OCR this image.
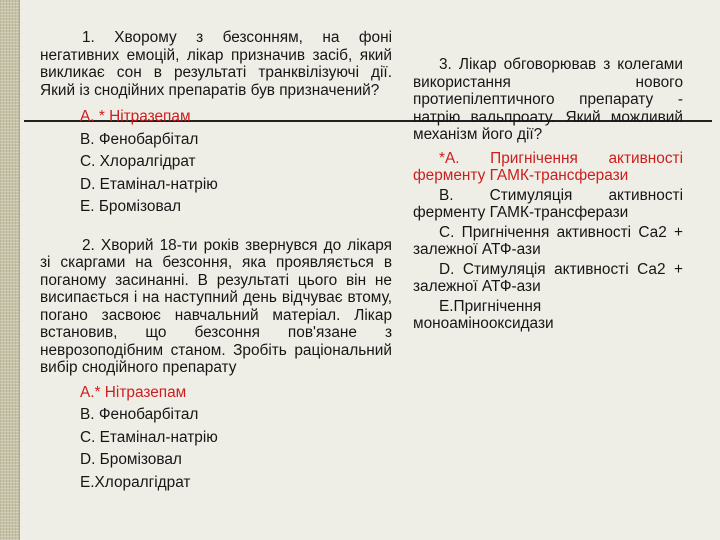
1. Хворому з безсонням, на фоні негативних емоцій, лікар призначив засіб, який викликає сон в результаті транквілізуючі дії. Який із снодійних препаратів був призначений?

А. * Нітразепам
В. Фенобарбітал
С. Хлоралгідрат
D. Етамінал-натрію
Е. Бромізовал

2. Хворий 18-ти років звернувся до лікаря зі скаргами на безсоння, яка проявляється в поганому засинанні. В результаті цього він не висипається і на наступний день відчуває втому, погано засвоює навчальний матеріал. Лікар встановив, що безсоння пов'язане з неврозоподібним станом. Зробіть раціональний вибір снодійного препарату

А.* Нітразепам
В. Фенобарбітал
С. Етамінал-натрію
D. Бромізовал
Е.Хлоралгідрат

3. Лікар обговорював з колегами використання нового протиепілептичного препарату - натрію вальпроату. Який можливий механізм його дії?

*А. Пригнічення активності ферменту ГАМК-трансферази

В. Стимуляція активності ферменту ГАМК-трансферази

С. Пригнічення активності Са2 + залежної АТФ-ази

D. Стимуляція активності Са2 + залежної АТФ-ази

Е.Пригнічення моноамінооксидази
